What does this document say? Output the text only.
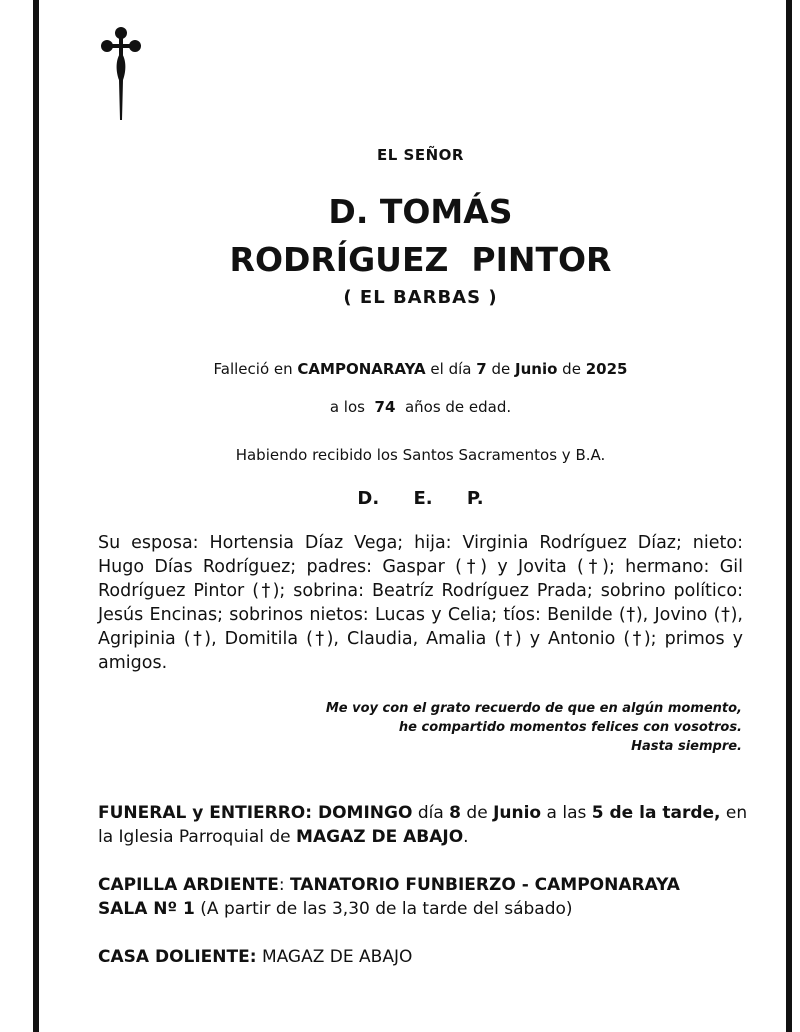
EL SEÑOR
D. TOMÁS
RODRÍGUEZ  PINTOR
( EL BARBAS )
Falleció en CAMPONARAYA el día 7 de Junio de 2025
a los 74 años de edad.
Habiendo recibido los Santos Sacramentos y B.A.
D. E. P.

Su esposa: Hortensia Díaz Vega; hija: Virginia Rodríguez Díaz; nieto: Hugo Días Rodríguez; padres: Gaspar (†) y Jovita (†); hermano: Gil Rodríguez Pintor (†); sobrina: Beatríz Rodríguez Prada; sobrino político: Jesús Encinas; sobrinos nietos: Lucas y Celia; tíos: Benilde (†), Jovino (†), Agripinia (†), Domitila (†), Claudia, Amalia (†) y Antonio (†); primos y amigos.

Me voy con el grato recuerdo de que en algún momento,
he compartido momentos felices con vosotros.
Hasta siempre.

FUNERAL y ENTIERRO: DOMINGO día 8 de Junio a las 5 de la tarde, en la Iglesia Parroquial de MAGAZ DE ABAJO.

CAPILLA ARDIENTE: TANATORIO FUNBIERZO - CAMPONARAYA
SALA Nº 1 (A partir de las 3,30 de la tarde del sábado)

CASA DOLIENTE: MAGAZ DE ABAJO
